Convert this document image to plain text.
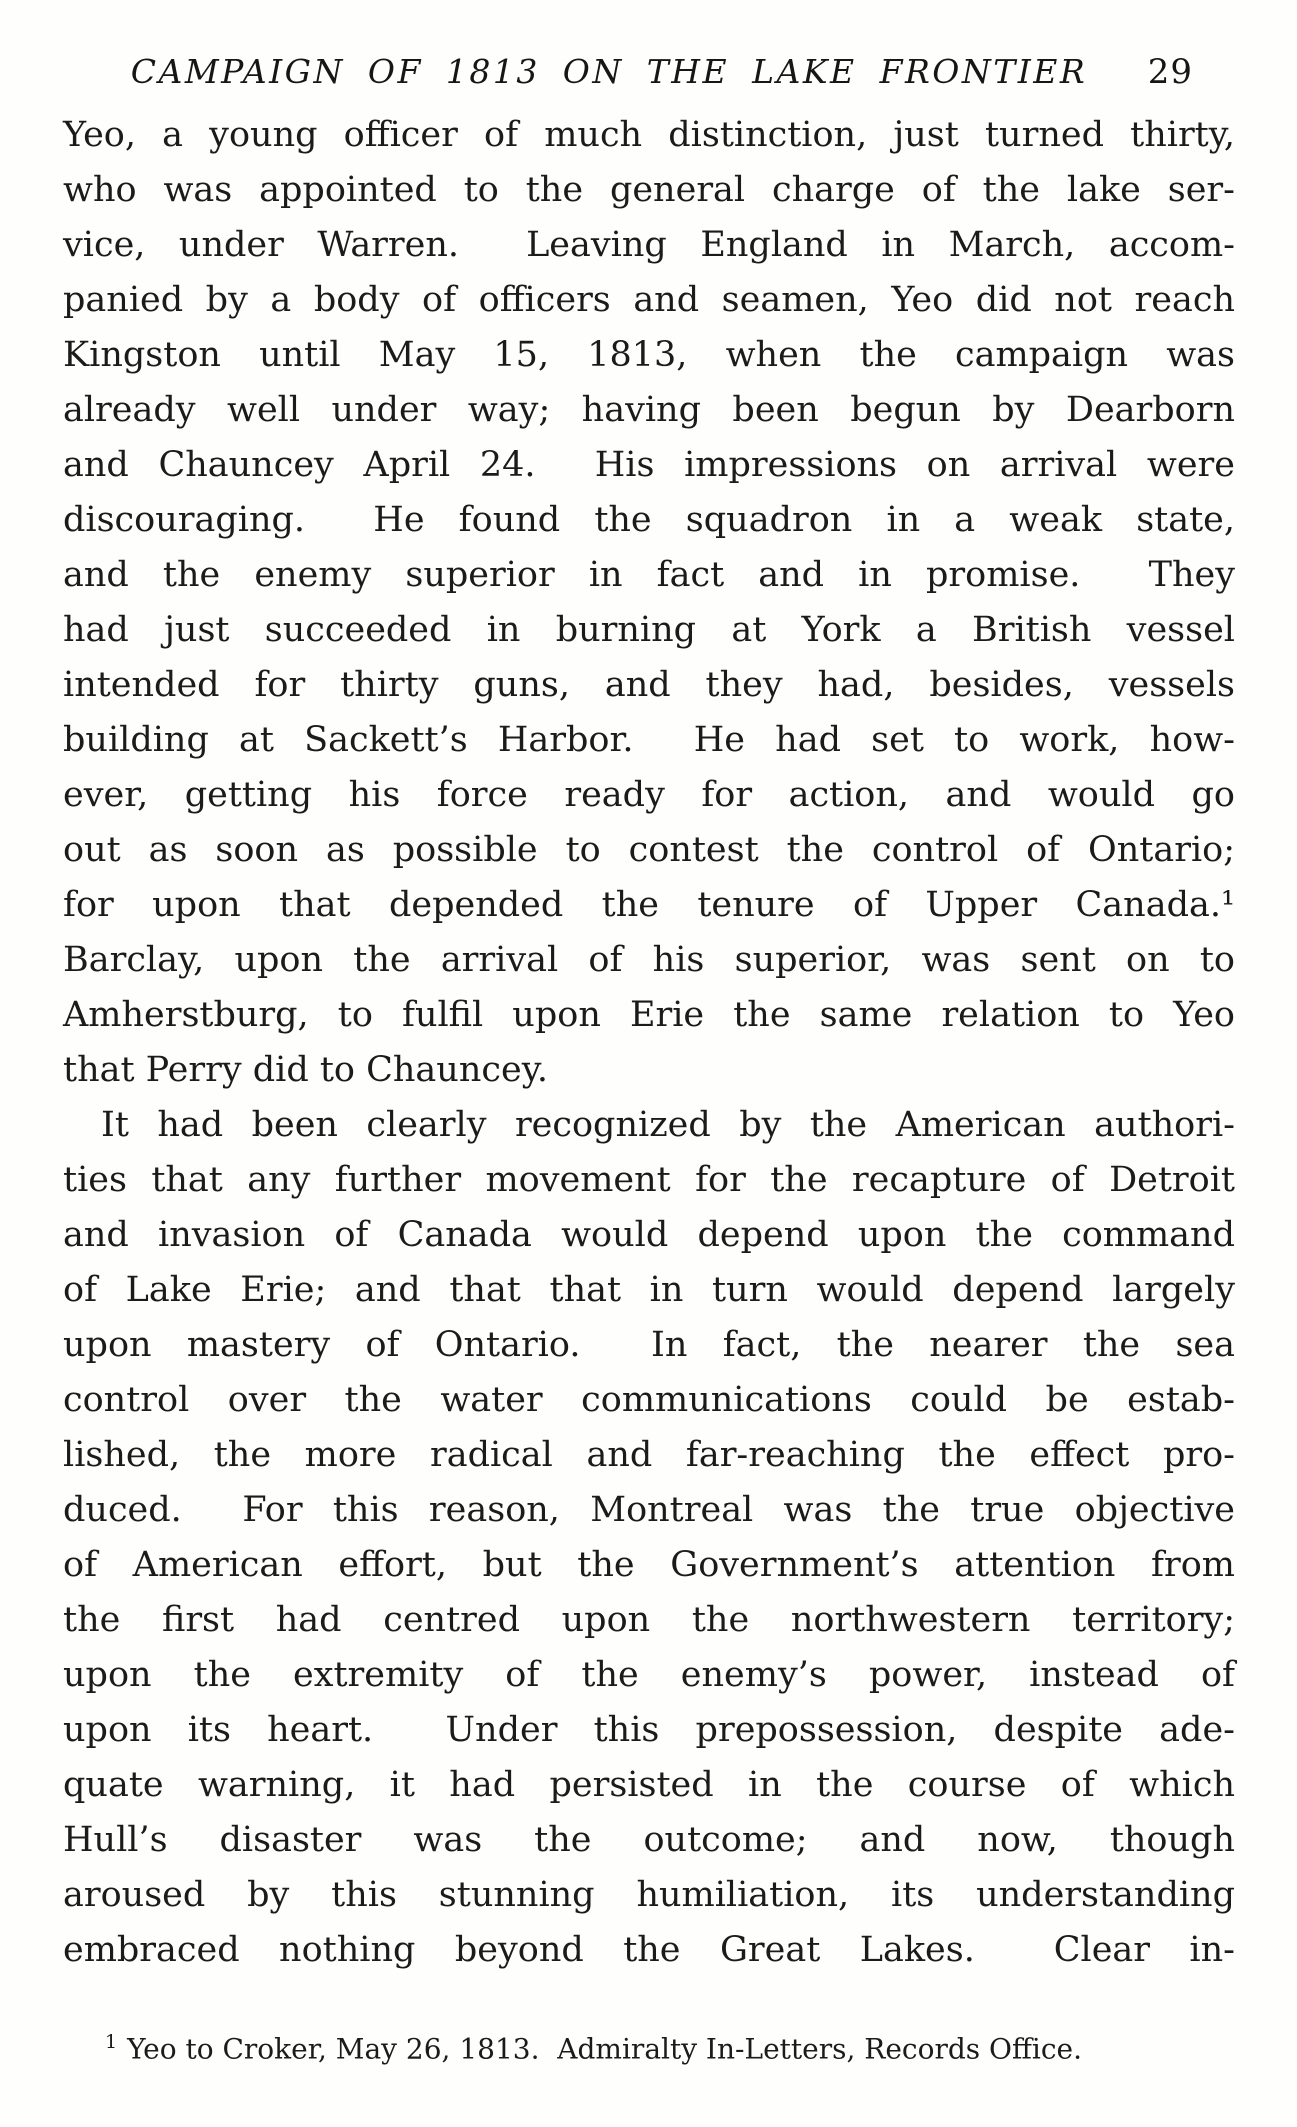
CAMPAIGN OF 1813 ON THE LAKE FRONTIER	29
Yeo, a young officer of much distinction, just turned thirty,
who was appointed to the general charge of the lake ser-
vice, under Warren.  Leaving England in March, accom-
panied by a body of officers and seamen, Yeo did not reach
Kingston until May 15, 1813, when the campaign was
already well under way; having been begun by Dearborn
and Chauncey April 24.  His impressions on arrival were
discouraging.  He found the squadron in a weak state,
and the enemy superior in fact and in promise.  They
had just succeeded in burning at York a British vessel
intended for thirty guns, and they had, besides, vessels
building at Sackett’s Harbor.  He had set to work, how-
ever, getting his force ready for action, and would go
out as soon as possible to contest the control of Ontario;
for upon that depended the tenure of Upper Canada.¹
Barclay, upon the arrival of his superior, was sent on to
Amherstburg, to fulfil upon Erie the same relation to Yeo
that Perry did to Chauncey.
It had been clearly recognized by the American authori-
ties that any further movement for the recapture of Detroit
and invasion of Canada would depend upon the command
of Lake Erie; and that that in turn would depend largely
upon mastery of Ontario.  In fact, the nearer the sea
control over the water communications could be estab-
lished, the more radical and far-reaching the effect pro-
duced.  For this reason, Montreal was the true objective
of American effort, but the Government’s attention from
the first had centred upon the northwestern territory;
upon the extremity of the enemy’s power, instead of
upon its heart.  Under this prepossession, despite ade-
quate warning, it had persisted in the course of which
Hull’s disaster was the outcome; and now, though
aroused by this stunning humiliation, its understanding
embraced nothing beyond the Great Lakes.  Clear in-
$^1$ Yeo to Croker, May 26, 1813.  Admiralty In-Letters, Records Office.
